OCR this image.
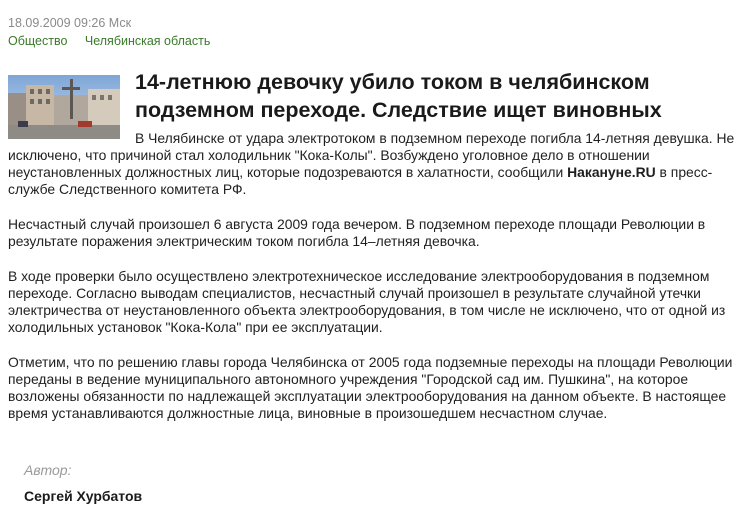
18.09.2009 09:26 Мск
Общество Челябинская область
14-летнюю девочку убило током в челябинском подземном переходе. Следствие ищет виновных

В Челябинске от удара электротоком в подземном переходе погибла 14-летняя девушка. Не исключено, что причиной стал холодильник "Кока-Колы". Возбуждено уголовное дело в отношении неустановленных должностных лиц, которые подозреваются в халатности, сообщили Накануне.RU в пресс-службе Следственного комитета РФ.

Несчастный случай произошел 6 августа 2009 года вечером. В подземном переходе площади Революции в результате поражения электрическим током погибла 14–летняя девочка.

В ходе проверки было осуществлено электротехническое исследование электрооборудования в подземном переходе. Согласно выводам специалистов, несчастный случай произошел в результате случайной утечки электричества от неустановленного объекта электрооборудования, в том числе не исключено, что от одной из холодильных установок "Кока-Кола" при ее эксплуатации.

Отметим, что по решению главы города Челябинска от 2005 года подземные переходы на площади Революции переданы в ведение муниципального автономного учреждения "Городской сад им. Пушкина", на которое возложены обязанности по надлежащей эксплуатации электрооборудования на данном объекте. В настоящее время устанавливаются должностные лица, виновные в произошедшем несчастном случае.

Автор:
Сергей Хурбатов
